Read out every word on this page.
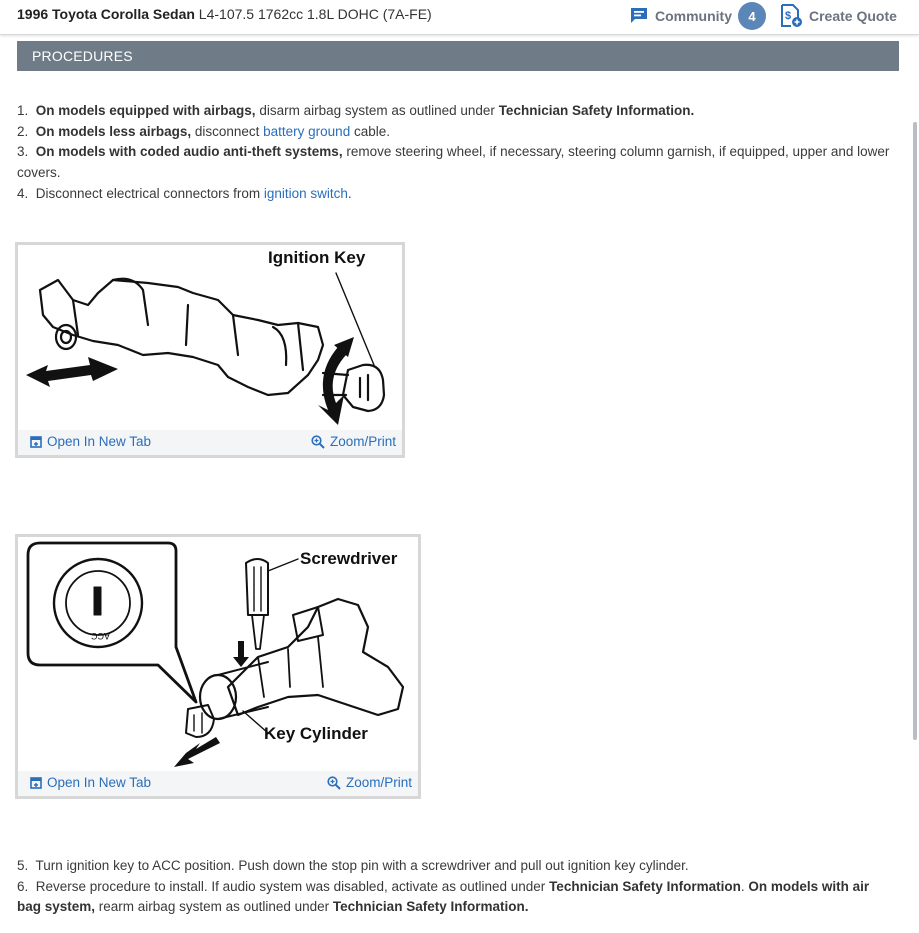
1996 Toyota Corolla Sedan L4-107.5 1762cc 1.8L DOHC (7A-FE)	Community	4	$ Create Quote
PROCEDURES

1. On models equipped with airbags, disarm airbag system as outlined under Technician Safety Information.

2. On models less airbags, disconnect battery ground cable.

3. On models with coded audio anti-theft systems, remove steering wheel, if necessary, steering column garnish, if equipped, upper and lower covers.

4. Disconnect electrical connectors from ignition switch.

Ignition Key
Open In New Tab	Zoom/Print
ACC
Screwdriver
Key Cylinder
Open In New Tab	Zoom/Print

5. Turn ignition key to ACC position. Push down the stop pin with a screwdriver and pull out ignition key cylinder.

6. Reverse procedure to install. If audio system was disabled, activate as outlined under Technician Safety Information. On models with air bag system, rearm airbag system as outlined under Technician Safety Information.
